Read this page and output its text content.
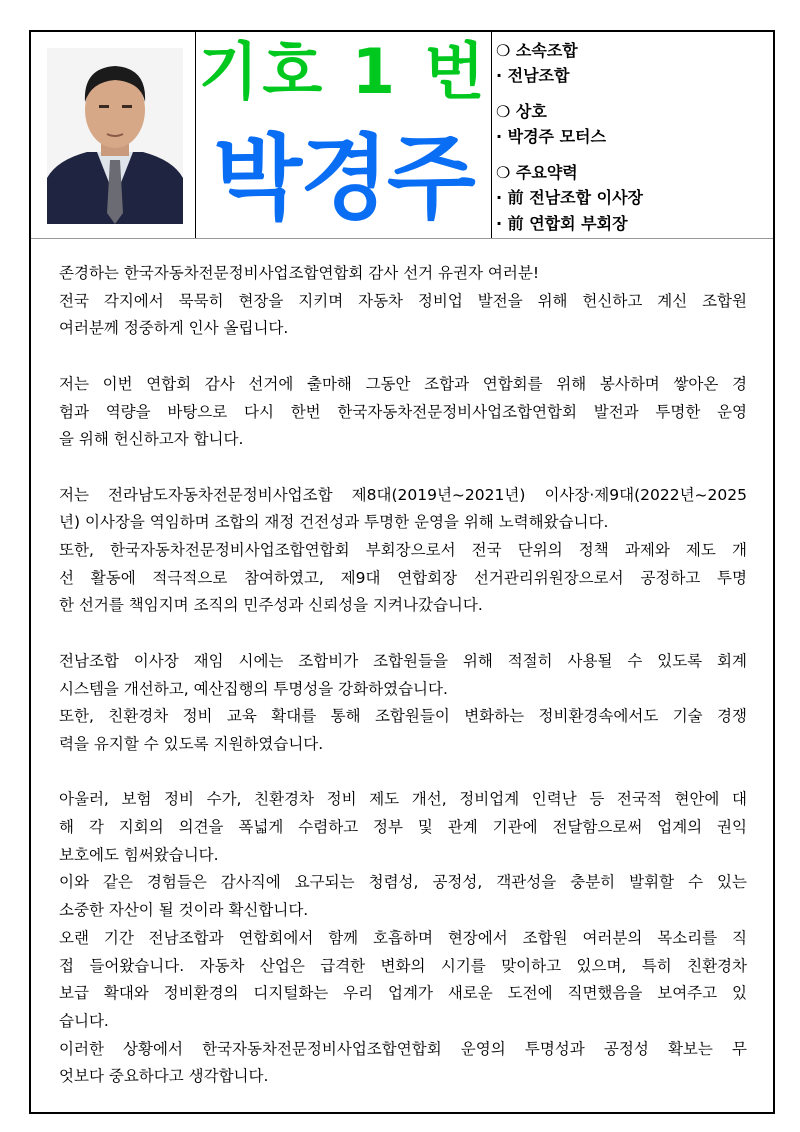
기호 1 번
박경주
❍ 소속조합
· 전남조합
❍ 상호
· 박경주 모터스
❍ 주요약력
· 前 전남조합 이사장
· 前 연합회 부회장
존경하는 한국자동차전문정비사업조합연합회 감사 선거 유권자 여러분!
전국 각지에서 묵묵히 현장을 지키며 자동차 정비업 발전을 위해 헌신하고 계신 조합원
여러분께 정중하게 인사 올립니다.
저는 이번 연합회 감사 선거에 출마해 그동안 조합과 연합회를 위해 봉사하며 쌓아온 경
험과 역량을 바탕으로 다시 한번 한국자동차전문정비사업조합연합회 발전과 투명한 운영
을 위해 헌신하고자 합니다.
저는 전라남도자동차전문정비사업조합 제8대(2019년~2021년) 이사장·제9대(2022년~2025
년) 이사장을 역임하며 조합의 재정 건전성과 투명한 운영을 위해 노력해왔습니다.
또한, 한국자동차전문정비사업조합연합회 부회장으로서 전국 단위의 정책 과제와 제도 개
선 활동에 적극적으로 참여하였고, 제9대 연합회장 선거관리위원장으로서 공정하고 투명
한 선거를 책임지며 조직의 민주성과 신뢰성을 지켜나갔습니다.
전남조합 이사장 재임 시에는 조합비가 조합원들을 위해 적절히 사용될 수 있도록 회계
시스템을 개선하고, 예산집행의 투명성을 강화하였습니다.
또한, 친환경차 정비 교육 확대를 통해 조합원들이 변화하는 정비환경속에서도 기술 경쟁
력을 유지할 수 있도록 지원하였습니다.
아울러, 보험 정비 수가, 친환경차 정비 제도 개선, 정비업계 인력난 등 전국적 현안에 대
해 각 지회의 의견을 폭넓게 수렴하고 정부 및 관계 기관에 전달함으로써 업계의 권익
보호에도 힘써왔습니다.
이와 같은 경험들은 감사직에 요구되는 청렴성, 공정성, 객관성을 충분히 발휘할 수 있는
소중한 자산이 될 것이라 확신합니다.
오랜 기간 전남조합과 연합회에서 함께 호흡하며 현장에서 조합원 여러분의 목소리를 직
접 들어왔습니다. 자동차 산업은 급격한 변화의 시기를 맞이하고 있으며, 특히 친환경차
보급 확대와 정비환경의 디지털화는 우리 업계가 새로운 도전에 직면했음을 보여주고 있
습니다.
이러한 상황에서 한국자동차전문정비사업조합연합회 운영의 투명성과 공정성 확보는 무
엇보다 중요하다고 생각합니다.
